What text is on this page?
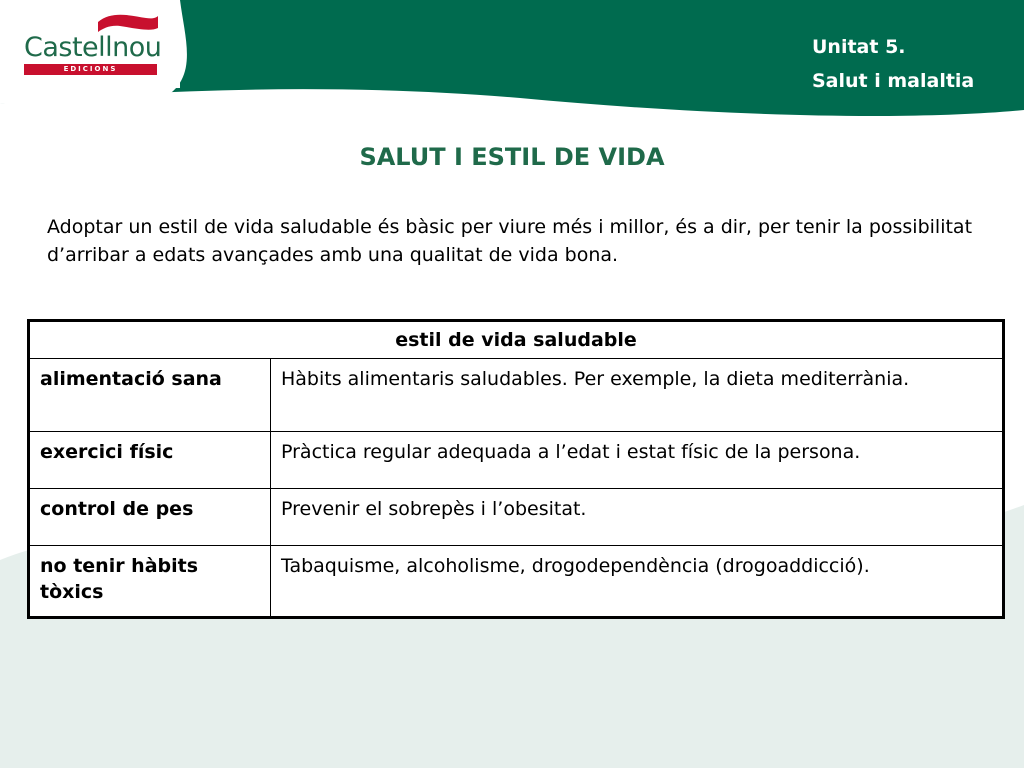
Castellnou

EDICIONS
Unitat 5.
Salut i malaltia
SALUT I ESTIL DE VIDA

Adoptar un estil de vida saludable és bàsic per viure més i millor, és a dir, per tenir la possibilitat d’arribar a edats avançades amb una qualitat de vida bona.

estil de vida saludable	
alimentació sana	Hàbits alimentaris saludables. Per exemple, la dieta mediterrània.
exercici físic	Pràctica regular adequada a l’edat i estat físic de la persona.
control de pes	Prevenir el sobrepès i l’obesitat.
no tenir hàbits tòxics	Tabaquisme, alcoholisme, drogodependència (drogoaddicció).
